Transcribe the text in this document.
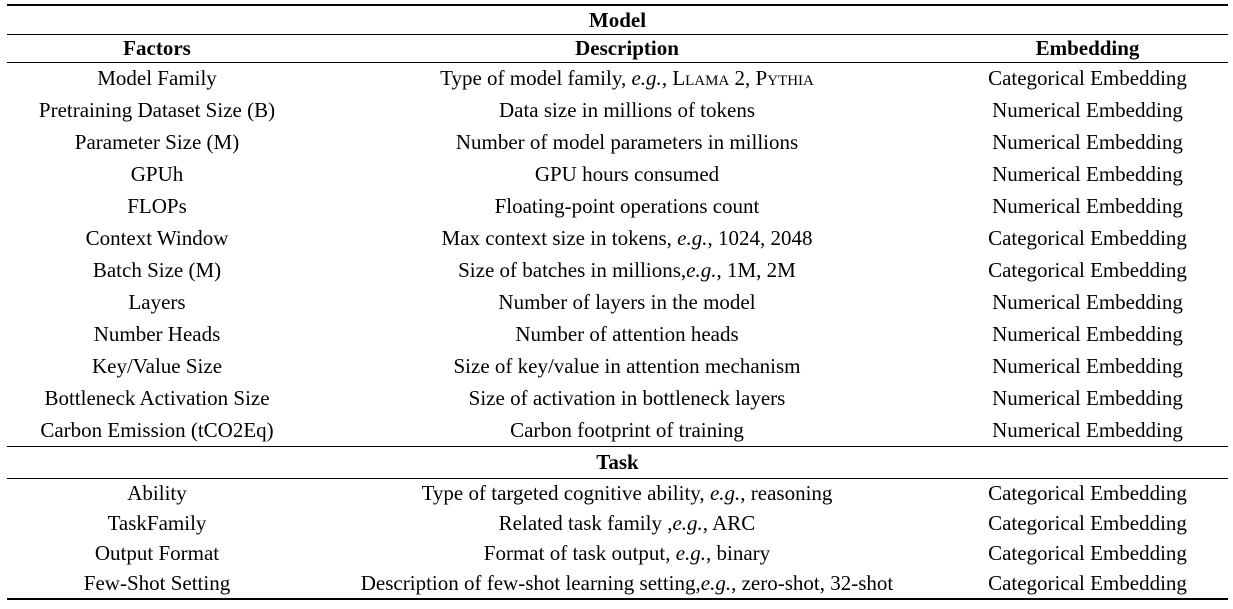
Model		
Factors	Description	Embedding
Model Family	Type of model family, e.g., Llama 2, Pythia	Categorical Embedding
Pretraining Dataset Size (B)	Data size in millions of tokens	Numerical Embedding
Parameter Size (M)	Number of model parameters in millions	Numerical Embedding
GPUh	GPU hours consumed	Numerical Embedding
FLOPs	Floating-point operations count	Numerical Embedding
Context Window	Max context size in tokens, e.g., 1024, 2048	Categorical Embedding
Batch Size (M)	Size of batches in millions,e.g., 1M, 2M	Categorical Embedding
Layers	Number of layers in the model	Numerical Embedding
Number Heads	Number of attention heads	Numerical Embedding
Key/Value Size	Size of key/value in attention mechanism	Numerical Embedding
Bottleneck Activation Size	Size of activation in bottleneck layers	Numerical Embedding
Carbon Emission (tCO2Eq)	Carbon footprint of training	Numerical Embedding
Task		
Ability	Type of targeted cognitive ability, e.g., reasoning	Categorical Embedding
TaskFamily	Related task family ,e.g., ARC	Categorical Embedding
Output Format	Format of task output, e.g., binary	Categorical Embedding
Few-Shot Setting	Description of few-shot learning setting,e.g., zero-shot, 32-shot	Categorical Embedding
